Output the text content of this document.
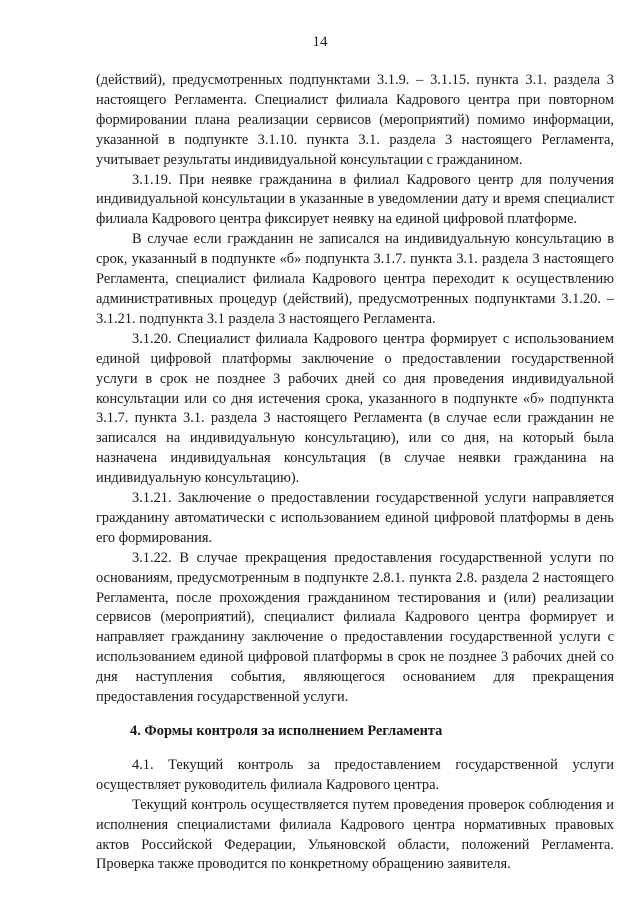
14

(действий), предусмотренных подпунктами 3.1.9. – 3.1.15. пункта 3.1. раздела 3 настоящего Регламента. Специалист филиала Кадрового центра при повторном формировании плана реализации сервисов (мероприятий) помимо информации, указанной в подпункте 3.1.10. пункта 3.1. раздела 3 настоящего Регламента, учитывает результаты индивидуальной консультации с гражданином.

3.1.19. При неявке гражданина в филиал Кадрового центр для получения индивидуальной консультации в указанные в уведомлении дату и время специалист филиала Кадрового центра фиксирует неявку на единой цифровой платформе.

В случае если гражданин не записался на индивидуальную консультацию в срок, указанный в подпункте «б» подпункта 3.1.7. пункта 3.1. раздела 3 настоящего Регламента, специалист филиала Кадрового центра переходит к осуществлению административных процедур (действий), предусмотренных подпунктами 3.1.20. – 3.1.21. подпункта 3.1 раздела 3 настоящего Регламента.

3.1.20. Специалист филиала Кадрового центра формирует с использованием единой цифровой платформы заключение о предоставлении государственной услуги в срок не позднее 3 рабочих дней со дня проведения индивидуальной консультации или со дня истечения срока, указанного в подпункте «б» подпункта 3.1.7. пункта 3.1. раздела 3 настоящего Регламента (в случае если гражданин не записался на индивидуальную консультацию), или со дня, на который была назначена индивидуальная консультация (в случае неявки гражданина на индивидуальную консультацию).

3.1.21. Заключение о предоставлении государственной услуги направляется гражданину автоматически с использованием единой цифровой платформы в день его формирования.

3.1.22. В случае прекращения предоставления государственной услуги по основаниям, предусмотренным в подпункте 2.8.1. пункта 2.8. раздела 2 настоящего Регламента, после прохождения гражданином тестирования и (или) реализации сервисов (мероприятий), специалист филиала Кадрового центра формирует и направляет гражданину заключение о предоставлении государственной услуги с использованием единой цифровой платформы в срок не позднее 3 рабочих дней со дня наступления события, являющегося основанием для прекращения предоставления государственной услуги.

4. Формы контроля за исполнением Регламента

4.1. Текущий контроль за предоставлением государственной услуги осуществляет руководитель филиала Кадрового центра.

Текущий контроль осуществляется путем проведения проверок соблюдения и исполнения специалистами филиала Кадрового центра нормативных правовых актов Российской Федерации, Ульяновской области, положений Регламента. Проверка также проводится по конкретному обращению заявителя.
